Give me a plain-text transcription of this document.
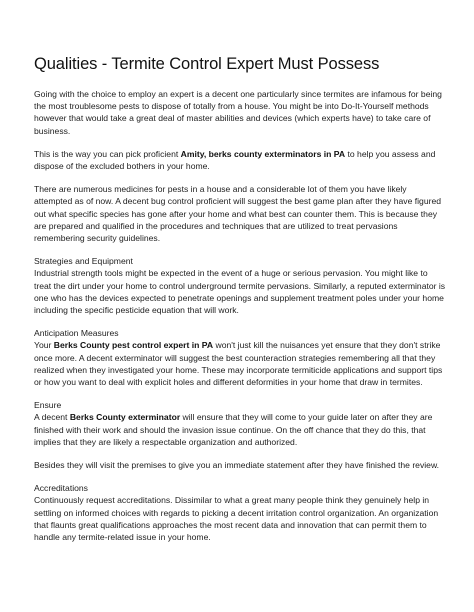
Qualities - Termite Control Expert Must Possess

Going with the choice to employ an expert is a decent one particularly since termites are infamous for being the most troublesome pests to dispose of totally from a house. You might be into Do-It-Yourself methods however that would take a great deal of master abilities and devices (which experts have) to take care of business.

This is the way you can pick proficient Amity, berks county exterminators in PA to help you assess and dispose of the excluded bothers in your home.

There are numerous medicines for pests in a house and a considerable lot of them you have likely attempted as of now. A decent bug control proficient will suggest the best game plan after they have figured out what specific species has gone after your home and what best can counter them. This is because they are prepared and qualified in the procedures and techniques that are utilized to treat pervasions remembering security guidelines.

Strategies and Equipment
Industrial strength tools might be expected in the event of a huge or serious pervasion. You might like to treat the dirt under your home to control underground termite pervasions. Similarly, a reputed exterminator is one who has the devices expected to penetrate openings and supplement treatment poles under your home including the specific pesticide equation that will work.

Anticipation Measures
Your Berks County pest control expert in PA won't just kill the nuisances yet ensure that they don't strike once more. A decent exterminator will suggest the best counteraction strategies remembering all that they realized when they investigated your home. These may incorporate termiticide applications and support tips or how you want to deal with explicit holes and different deformities in your home that draw in termites.

Ensure
A decent Berks County exterminator will ensure that they will come to your guide later on after they are finished with their work and should the invasion issue continue. On the off chance that they do this, that implies that they are likely a respectable organization and authorized.

Besides they will visit the premises to give you an immediate statement after they have finished the review.

Accreditations
Continuously request accreditations. Dissimilar to what a great many people think they genuinely help in settling on informed choices with regards to picking a decent irritation control organization. An organization that flaunts great qualifications approaches the most recent data and innovation that can permit them to handle any termite-related issue in your home.
